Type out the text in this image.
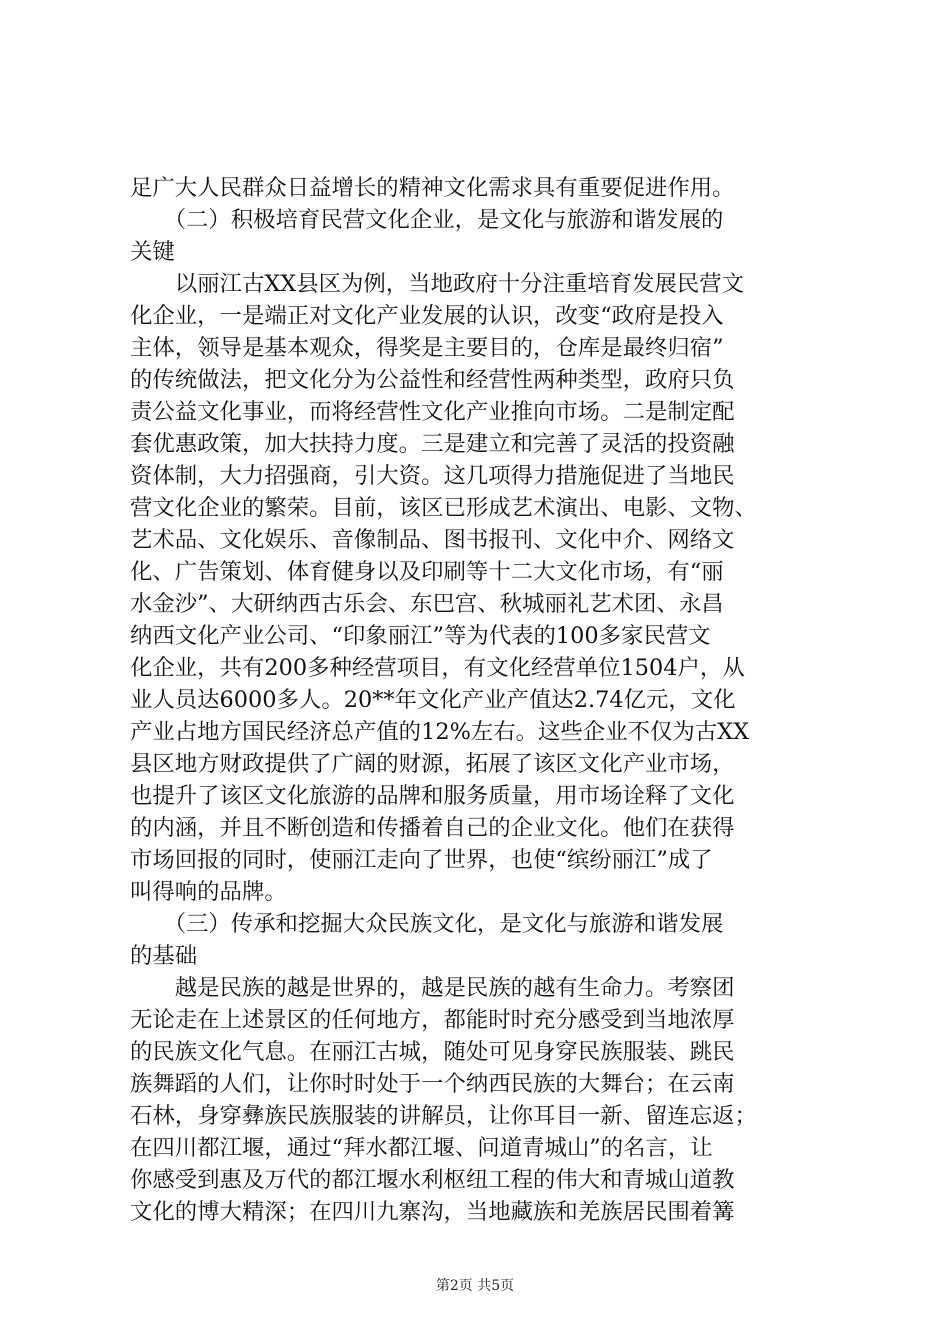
足广大人民群众日益增长的精神文化需求具有重要促进作用。
　　（二）积极培育民营文化企业，是文化与旅游和谐发展的
关键
　　以丽江古XX县区为例，当地政府十分注重培育发展民营文
化企业，一是端正对文化产业发展的认识，改变“政府是投入
主体，领导是基本观众，得奖是主要目的，仓库是最终归宿”
的传统做法，把文化分为公益性和经营性两种类型，政府只负
责公益文化事业，而将经营性文化产业推向市场。二是制定配
套优惠政策，加大扶持力度。三是建立和完善了灵活的投资融
资体制，大力招强商，引大资。这几项得力措施促进了当地民
营文化企业的繁荣。目前，该区已形成艺术演出、电影、文物、
艺术品、文化娱乐、音像制品、图书报刊、文化中介、网络文
化、广告策划、体育健身以及印刷等十二大文化市场，有“丽
水金沙”、大研纳西古乐会、东巴宫、秋城丽礼艺术团、永昌
纳西文化产业公司、“印象丽江”等为代表的100多家民营文
化企业，共有200多种经营项目，有文化经营单位1504户，从
业人员达6000多人。20**年文化产业产值达2.74亿元，文化
产业占地方国民经济总产值的12%左右。这些企业不仅为古XX
县区地方财政提供了广阔的财源，拓展了该区文化产业市场，
也提升了该区文化旅游的品牌和服务质量，用市场诠释了文化
的内涵，并且不断创造和传播着自己的企业文化。他们在获得
市场回报的同时，使丽江走向了世界，也使“缤纷丽江”成了
叫得响的品牌。
　　（三）传承和挖掘大众民族文化，是文化与旅游和谐发展
的基础
　　越是民族的越是世界的，越是民族的越有生命力。考察团
无论走在上述景区的任何地方，都能时时充分感受到当地浓厚
的民族文化气息。在丽江古城，随处可见身穿民族服装、跳民
族舞蹈的人们，让你时时处于一个纳西民族的大舞台；在云南
石林，身穿彝族民族服装的讲解员，让你耳目一新、留连忘返；
在四川都江堰，通过“拜水都江堰、问道青城山”的名言，让
你感受到惠及万代的都江堰水利枢纽工程的伟大和青城山道教
文化的博大精深；在四川九寨沟，当地藏族和羌族居民围着篝
第2页 共5页
